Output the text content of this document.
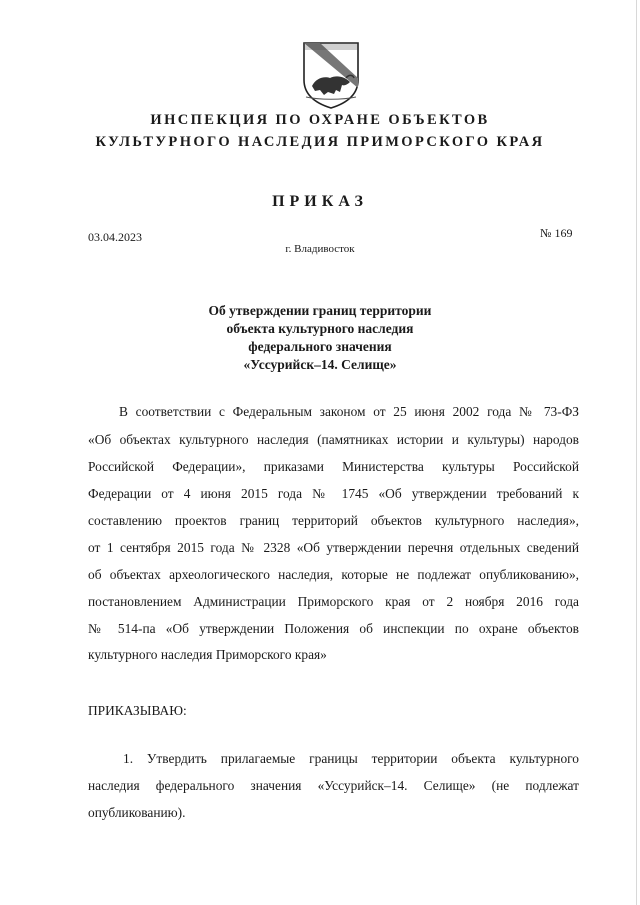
ИНСПЕКЦИЯ ПО ОХРАНЕ ОБЪЕКТОВ
КУЛЬТУРНОГО НАСЛЕДИЯ ПРИМОРСКОГО КРАЯ
ПРИКАЗ
03.04.2023	№ 169
г. Владивосток
Об утверждении границ территории
объекта культурного наследия
федерального значения
«Уссурийск–14. Селище»
В соответствии с Федеральным законом от 25 июня 2002 года № 73-ФЗ
«Об объектах культурного наследия (памятниках истории и культуры) народов
Российской Федерации», приказами Министерства культуры Российской
Федерации от 4 июня 2015 года № 1745 «Об утверждении требований к
составлению проектов границ территорий объектов культурного наследия»,
от 1 сентября 2015 года № 2328 «Об утверждении перечня отдельных сведений
об объектах археологического наследия, которые не подлежат опубликованию»,
постановлением Администрации Приморского края от 2 ноября 2016 года
№ 514-па «Об утверждении Положения об инспекции по охране объектов
культурного наследия Приморского края»
ПРИКАЗЫВАЮ:
1. Утвердить прилагаемые границы территории объекта культурного
наследия федерального значения «Уссурийск–14. Селище» (не подлежат
опубликованию).
